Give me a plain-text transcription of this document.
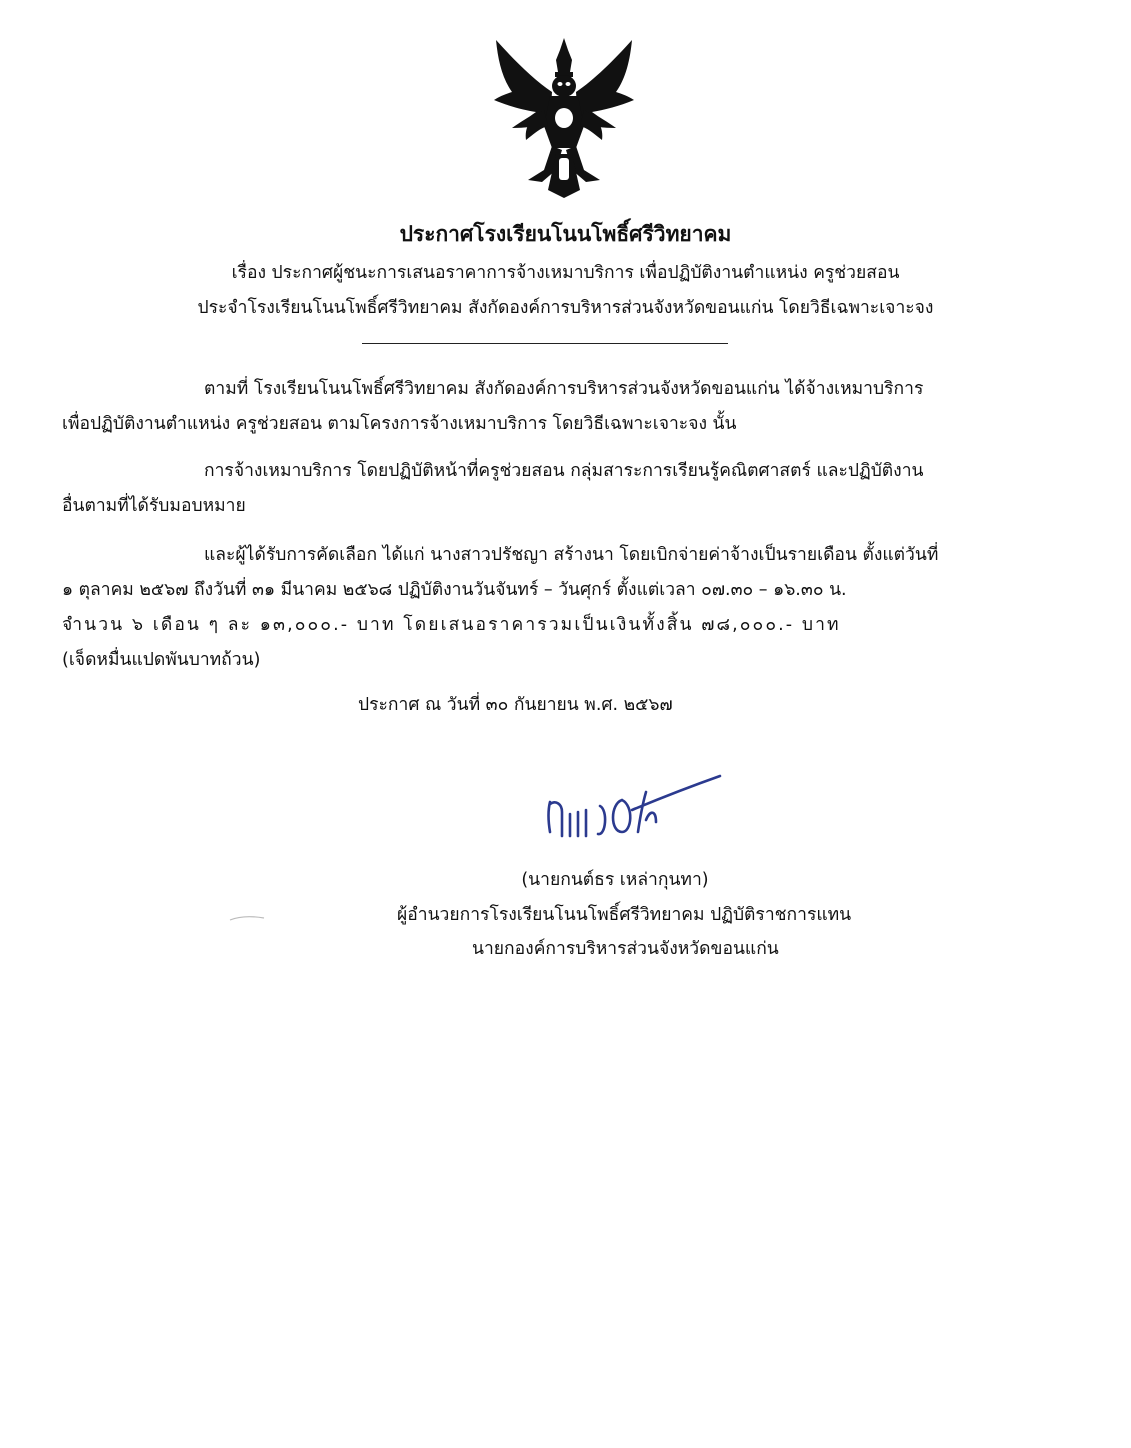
ประกาศโรงเรียนโนนโพธิ์ศรีวิทยาคม
เรื่อง ประกาศผู้ชนะการเสนอราคาการจ้างเหมาบริการ เพื่อปฏิบัติงานตำแหน่ง ครูช่วยสอน
ประจำโรงเรียนโนนโพธิ์ศรีวิทยาคม สังกัดองค์การบริหารส่วนจังหวัดขอนแก่น โดยวิธีเฉพาะเจาะจง
ตามที่ โรงเรียนโนนโพธิ์ศรีวิทยาคม สังกัดองค์การบริหารส่วนจังหวัดขอนแก่น ได้จ้างเหมาบริการ
เพื่อปฏิบัติงานตำแหน่ง ครูช่วยสอน ตามโครงการจ้างเหมาบริการ โดยวิธีเฉพาะเจาะจง นั้น
การจ้างเหมาบริการ โดยปฏิบัติหน้าที่ครูช่วยสอน กลุ่มสาระการเรียนรู้คณิตศาสตร์ และปฏิบัติงาน
อื่นตามที่ได้รับมอบหมาย
และผู้ได้รับการคัดเลือก ได้แก่ นางสาวปรัชญา สร้างนา โดยเบิกจ่ายค่าจ้างเป็นรายเดือน ตั้งแต่วันที่
๑ ตุลาคม ๒๕๖๗ ถึงวันที่ ๓๑ มีนาคม ๒๕๖๘ ปฏิบัติงานวันจันทร์ – วันศุกร์ ตั้งแต่เวลา ๐๗.๓๐ – ๑๖.๓๐ น.
จำนวน ๖ เดือน ๆ ละ ๑๓,๐๐๐.- บาท โดยเสนอราคารวมเป็นเงินทั้งสิ้น ๗๘,๐๐๐.- บาท
(เจ็ดหมื่นแปดพันบาทถ้วน)
ประกาศ ณ วันที่ ๓๐ กันยายน พ.ศ. ๒๕๖๗
(นายกนต์ธร เหล่ากุนทา)
ผู้อำนวยการโรงเรียนโนนโพธิ์ศรีวิทยาคม ปฏิบัติราชการแทน
นายกองค์การบริหารส่วนจังหวัดขอนแก่น
